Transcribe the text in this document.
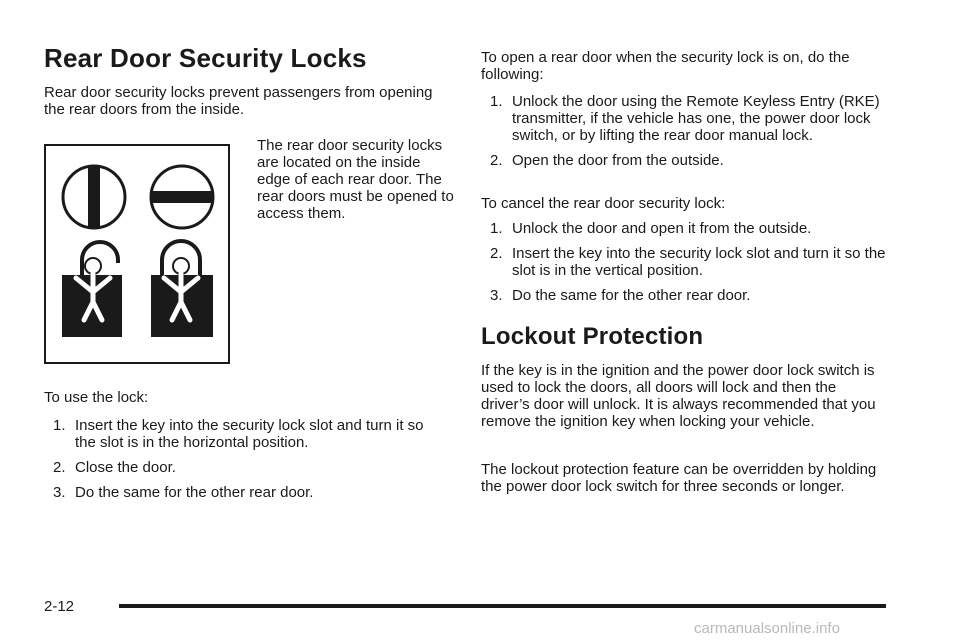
Rear Door Security Locks

Rear door security locks prevent passengers from opening the rear doors from the inside.

The rear door security locks are located on the inside edge of each rear door. The rear doors must be opened to access them.

To use the lock:

1. Insert the key into the security lock slot and turn it so the slot is in the horizontal position.
2. Close the door.
3. Do the same for the other rear door.

To open a rear door when the security lock is on, do the following:

1. Unlock the door using the Remote Keyless Entry (RKE) transmitter, if the vehicle has one, the power door lock switch, or by lifting the rear door manual lock.
2. Open the door from the outside.

To cancel the rear door security lock:

1. Unlock the door and open it from the outside.
2. Insert the key into the security lock slot and turn it so the slot is in the vertical position.
3. Do the same for the other rear door.
Lockout Protection

If the key is in the ignition and the power door lock switch is used to lock the doors, all doors will lock and then the driver’s door will unlock. It is always recommended that you remove the ignition key when locking your vehicle.

The lockout protection feature can be overridden by holding the power door lock switch for three seconds or longer.

2-12
carmanualsonline.info
